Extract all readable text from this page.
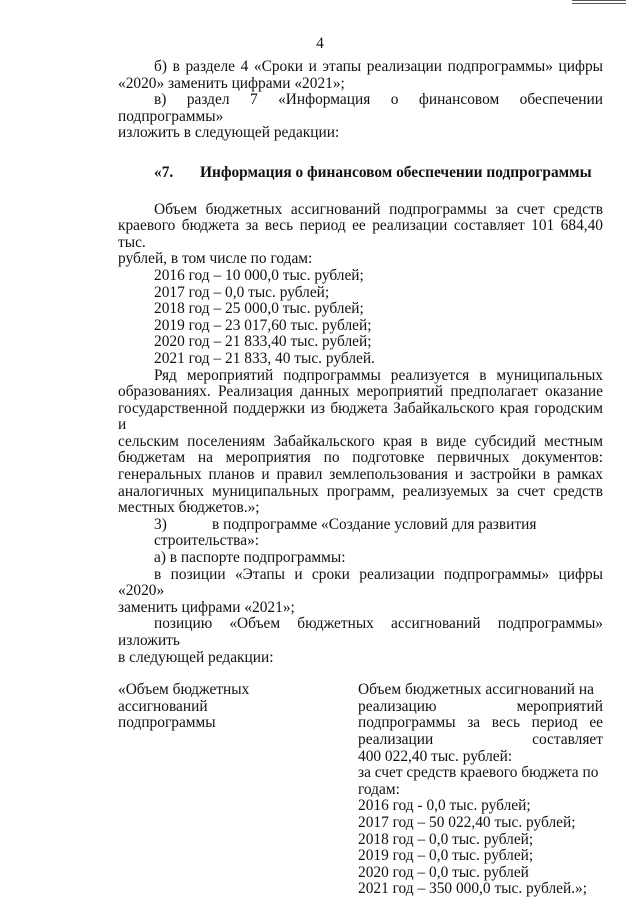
4

б) в разделе 4 «Сроки и этапы реализации подпрограммы» цифры

«2020» заменить цифрами «2021»;

в) раздел 7 «Информация о финансовом обеспечении подпрограммы»

изложить в следующей редакции:

«7. Информация о финансовом обеспечении подпрограммы

Объем бюджетных ассигнований подпрограммы за счет средств

краевого бюджета за весь период ее реализации составляет 101 684,40 тыс.

рублей, в том числе по годам:

2016 год – 10 000,0 тыс. рублей;

2017 год – 0,0 тыс. рублей;

2018 год – 25 000,0 тыс. рублей;

2019 год – 23 017,60 тыс. рублей;

2020 год – 21 833,40 тыс. рублей;

2021 год – 21 833, 40 тыс. рублей.

Ряд мероприятий подпрограммы реализуется в муниципальных

образованиях. Реализация данных мероприятий предполагает оказание

государственной поддержки из бюджета Забайкальского края городским и

сельским поселениям Забайкальского края в виде субсидий местным

бюджетам на мероприятия по подготовке первичных документов:

генеральных планов и правил землепользования и застройки в рамках

аналогичных муниципальных программ, реализуемых за счет средств

местных бюджетов.»;

3)	в подпрограмме «Создание условий для развития строительства»:

а) в паспорте подпрограммы:

в позиции «Этапы и сроки реализации подпрограммы» цифры «2020»

заменить цифрами «2021»;

позицию «Объем бюджетных ассигнований подпрограммы» изложить

в следующей редакции:

«Объем бюджетных

ассигнований

подпрограммы

Объем бюджетных ассигнований на

реализацию мероприятий

подпрограммы за весь период ее

реализации составляет

400 022,40 тыс. рублей:

за счет средств краевого бюджета по

годам:

2016 год - 0,0 тыс. рублей;

2017 год – 50 022,40 тыс. рублей;

2018 год – 0,0 тыс. рублей;

2019 год – 0,0 тыс. рублей;

2020 год – 0,0 тыс. рублей

2021 год – 350 000,0 тыс. рублей.»;
